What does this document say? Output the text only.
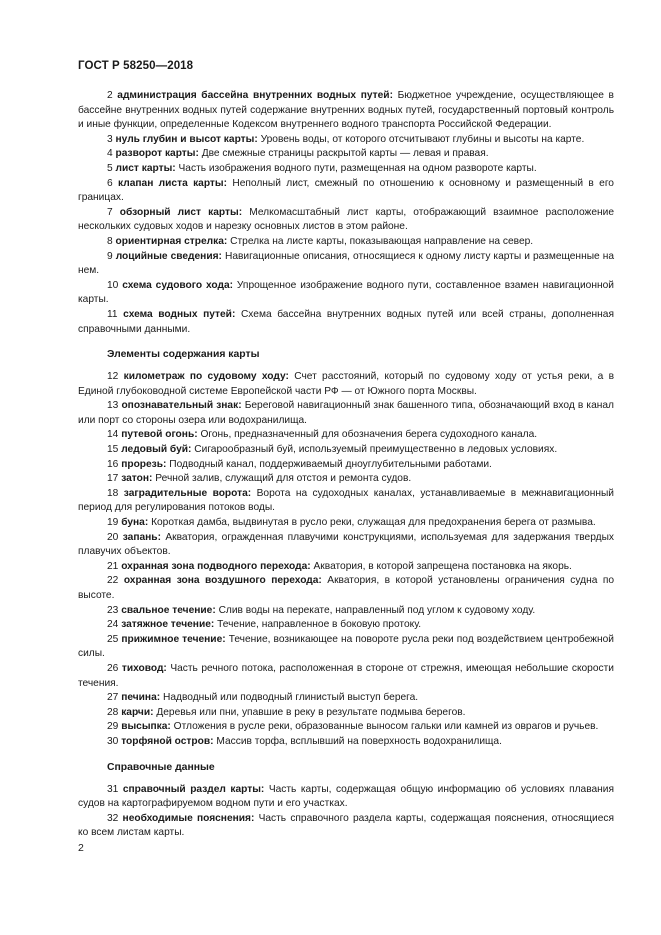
ГОСТ Р 58250—2018

2 администрация бассейна внутренних водных путей: Бюджетное учреждение, осуществляющее в бассейне внутренних водных путей содержание внутренних водных путей, государственный портовый контроль и иные функции, определенные Кодексом внутреннего водного транспорта Российской Федерации.

3 нуль глубин и высот карты: Уровень воды, от которого отсчитывают глубины и высоты на карте.

4 разворот карты: Две смежные страницы раскрытой карты — левая и правая.

5 лист карты: Часть изображения водного пути, размещенная на одном развороте карты.

6 клапан листа карты: Неполный лист, смежный по отношению к основному и размещенный в его границах.

7 обзорный лист карты: Мелкомасштабный лист карты, отображающий взаимное расположение нескольких судовых ходов и нарезку основных листов в этом районе.

8 ориентирная стрелка: Стрелка на листе карты, показывающая направление на север.

9 лоцийные сведения: Навигационные описания, относящиеся к одному листу карты и размещенные на нем.

10 схема судового хода: Упрощенное изображение водного пути, составленное взамен навигационной карты.

11 схема водных путей: Схема бассейна внутренних водных путей или всей страны, дополненная справочными данными.

Элементы содержания карты

12 километраж по судовому ходу: Счет расстояний, который по судовому ходу от устья реки, а в Единой глубоководной системе Европейской части РФ — от Южного порта Москвы.

13 опознавательный знак: Береговой навигационный знак башенного типа, обозначающий вход в канал или порт со стороны озера или водохранилища.

14 путевой огонь: Огонь, предназначенный для обозначения берега судоходного канала.

15 ледовый буй: Сигарообразный буй, используемый преимущественно в ледовых условиях.

16 прорезь: Подводный канал, поддерживаемый дноуглубительными работами.

17 затон: Речной залив, служащий для отстоя и ремонта судов.

18 заградительные ворота: Ворота на судоходных каналах, устанавливаемые в межнавигационный период для регулирования потоков воды.

19 буна: Короткая дамба, выдвинутая в русло реки, служащая для предохранения берега от размыва.

20 запань: Акватория, огражденная плавучими конструкциями, используемая для задержания твердых плавучих объектов.

21 охранная зона подводного перехода: Акватория, в которой запрещена постановка на якорь.

22 охранная зона воздушного перехода: Акватория, в которой установлены ограничения судна по высоте.

23 свальное течение: Слив воды на перекате, направленный под углом к судовому ходу.

24 затяжное течение: Течение, направленное в боковую протоку.

25 прижимное течение: Течение, возникающее на повороте русла реки под воздействием центробежной силы.

26 тиховод: Часть речного потока, расположенная в стороне от стрежня, имеющая небольшие скорости течения.

27 печина: Надводный или подводный глинистый выступ берега.

28 карчи: Деревья или пни, упавшие в реку в результате подмыва берегов.

29 высыпка: Отложения в русле реки, образованные выносом гальки или камней из оврагов и ручьев.

30 торфяной остров: Массив торфа, всплывший на поверхность водохранилища.

Справочные данные

31 справочный раздел карты: Часть карты, содержащая общую информацию об условиях плавания судов на картографируемом водном пути и его участках.

32 необходимые пояснения: Часть справочного раздела карты, содержащая пояснения, относящиеся ко всем листам карты.

2
